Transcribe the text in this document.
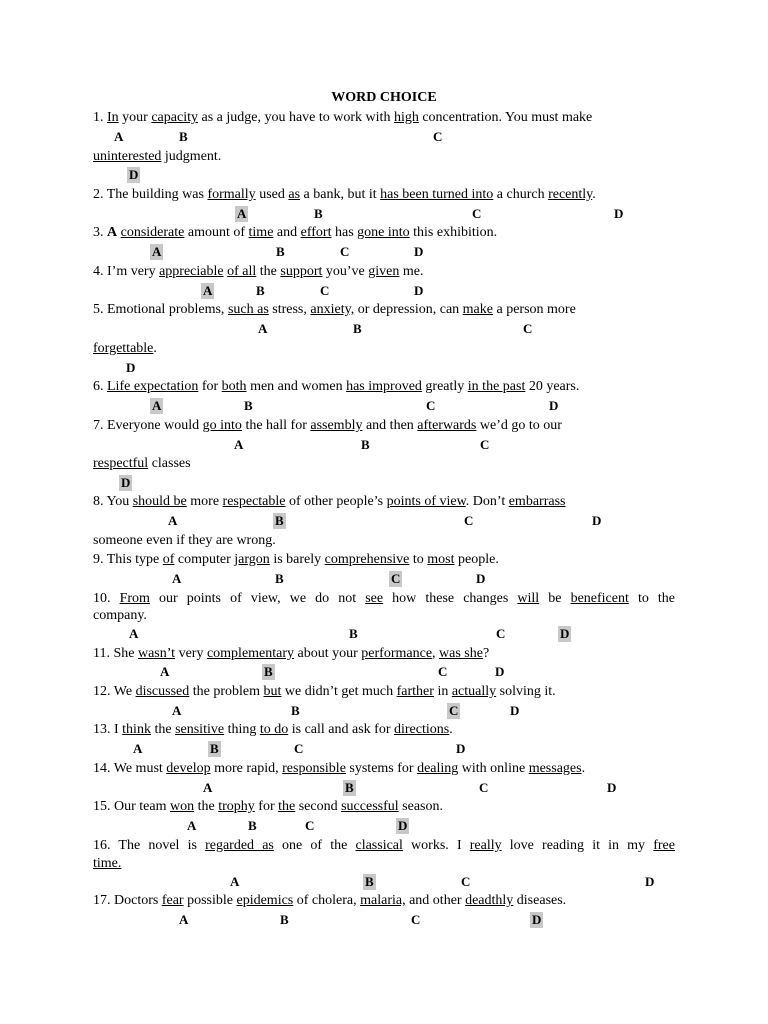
WORD CHOICE
1. In your capacity as a judge, you have to work with high concentration. You must make
uninterested judgment.
A	B	C
D
2. The building was formally used as a bank, but it has been turned into a church recently.
A	B	C	D
3. A considerate amount of time and effort has gone into this exhibition.
A	B	C	D
4. I’m very appreciable of all the support you’ve given me.
A	B	C	D
5. Emotional problems, such as stress, anxiety, or depression, can make a person more
forgettable.
A	B	C
D
6. Life expectation for both men and women has improved greatly in the past 20 years.
A	B	C	D
7. Everyone would go into the hall for assembly and then afterwards we’d go to our
respectful classes
A	B	C
D
8. You should be more respectable of other people’s points of view. Don’t embarrass
someone even if they are wrong.
A	B	C	D
9. This type of computer jargon is barely comprehensive to most people.
A	B	C	D
10. From our points of view, we do not see how these changes will be beneficent to the
company.
A	B	C	D
11. She wasn’t very complementary about your performance, was she?
A	B	C	D
12. We discussed the problem but we didn’t get much farther in actually solving it.
A	B	C	D
13. I think the sensitive thing to do is call and ask for directions.
A	B	C	D
14. We must develop more rapid, responsible systems for dealing with online messages.
A	B	C	D
15. Our team won the trophy for the second successful season.
A	B	C	D
16. The novel is regarded as one of the classical works. I really love reading it in my free
time.
A	B	C	D
17. Doctors fear possible epidemics of cholera, malaria, and other deadthly diseases.
A	B	C	D
